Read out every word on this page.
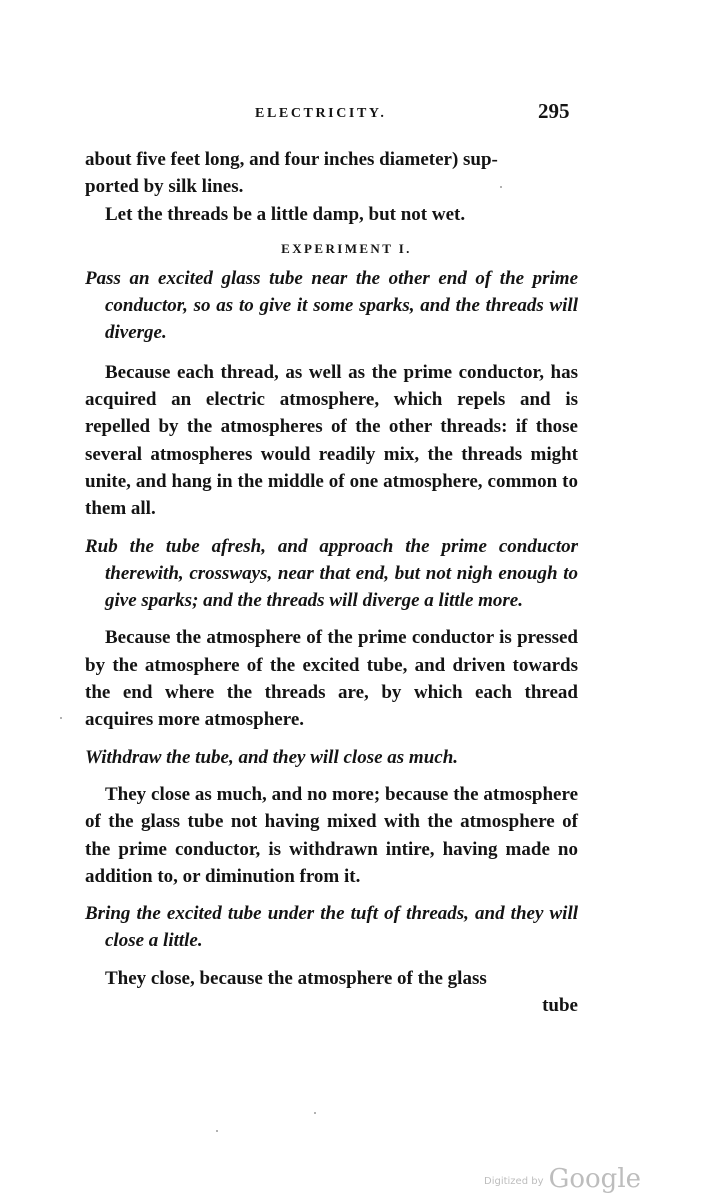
ELECTRICITY.	295
about five feet long, and four inches diameter) sup-
ported by silk lines.
Let the threads be a little damp, but not wet.
EXPERIMENT I.
Pass an excited glass tube near the other end of the prime conductor, so as to give it some sparks, and the threads will diverge.
Because each thread, as well as the prime conductor, has acquired an electric atmosphere, which repels and is repelled by the atmospheres of the other threads: if those several atmospheres would readily mix, the threads might unite, and hang in the middle of one atmosphere, common to them all.
Rub the tube afresh, and approach the prime conductor therewith, crossways, near that end, but not nigh enough to give sparks; and the threads will diverge a little more.
Because the atmosphere of the prime conductor is pressed by the atmosphere of the excited tube, and driven towards the end where the threads are, by which each thread acquires more atmosphere.
Withdraw the tube, and they will close as much.
They close as much, and no more; because the atmosphere of the glass tube not having mixed with the atmosphere of the prime conductor, is withdrawn intire, having made no addition to, or diminution from it.
Bring the excited tube under the tuft of threads, and they will close a little.
They close, because the atmosphere of the glass
tube
Digitized by Google
